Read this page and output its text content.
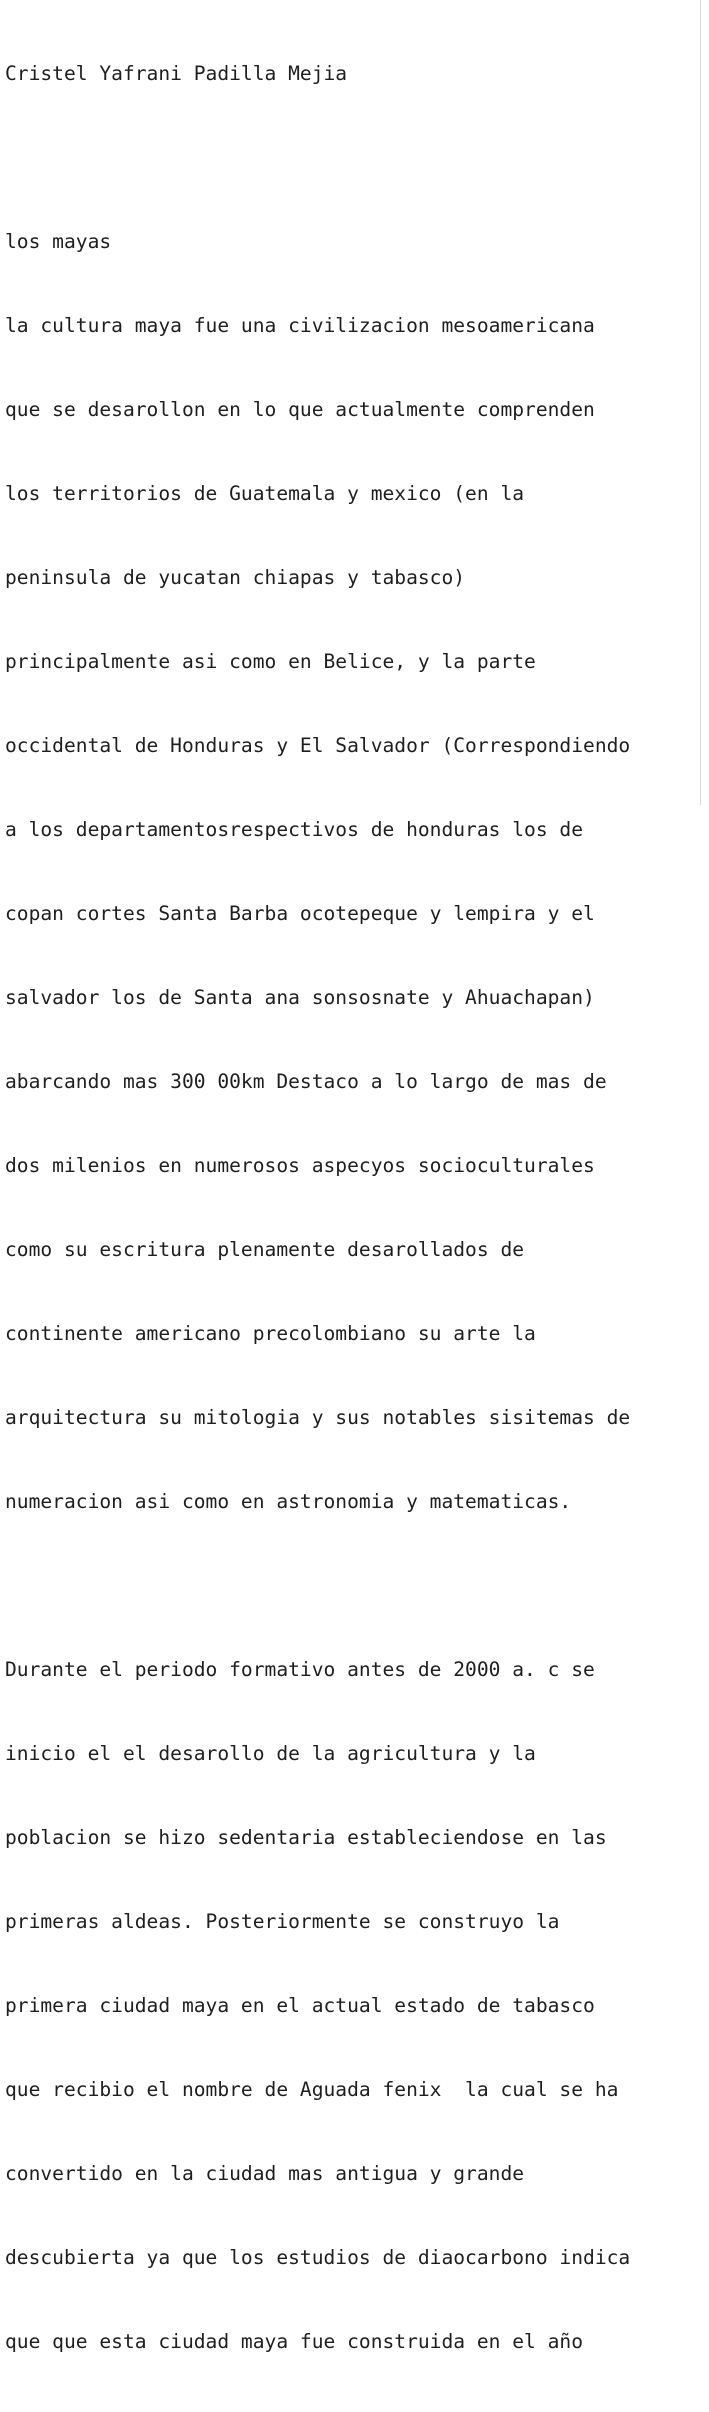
Cristel Yafrani Padilla Mejia

los mayas

la cultura maya fue una civilizacion mesoamericana

que se desarollon en lo que actualmente comprenden

los territorios de Guatemala y mexico (en la

peninsula de yucatan chiapas y tabasco)

principalmente asi como en Belice, y la parte

occidental de Honduras y El Salvador (Correspondiendo

a los departamentosrespectivos de honduras los de

copan cortes Santa Barba ocotepeque y lempira y el

salvador los de Santa ana sonsosnate y Ahuachapan)

abarcando mas 300 00km Destaco a lo largo de mas de

dos milenios en numerosos aspecyos socioculturales

como su escritura plenamente desarollados de

continente americano precolombiano su arte la

arquitectura su mitologia y sus notables sisitemas de

numeracion asi como en astronomia y matematicas.

Durante el periodo formativo antes de 2000 a. c se

inicio el el desarollo de la agricultura y la

poblacion se hizo sedentaria estableciendose en las

primeras aldeas. Posteriormente se construyo la

primera ciudad maya en el actual estado de tabasco

que recibio el nombre de Aguada fenix  la cual se ha

convertido en la ciudad mas antigua y grande

descubierta ya que los estudios de diaocarbono indica

que que esta ciudad maya fue construida en el año
